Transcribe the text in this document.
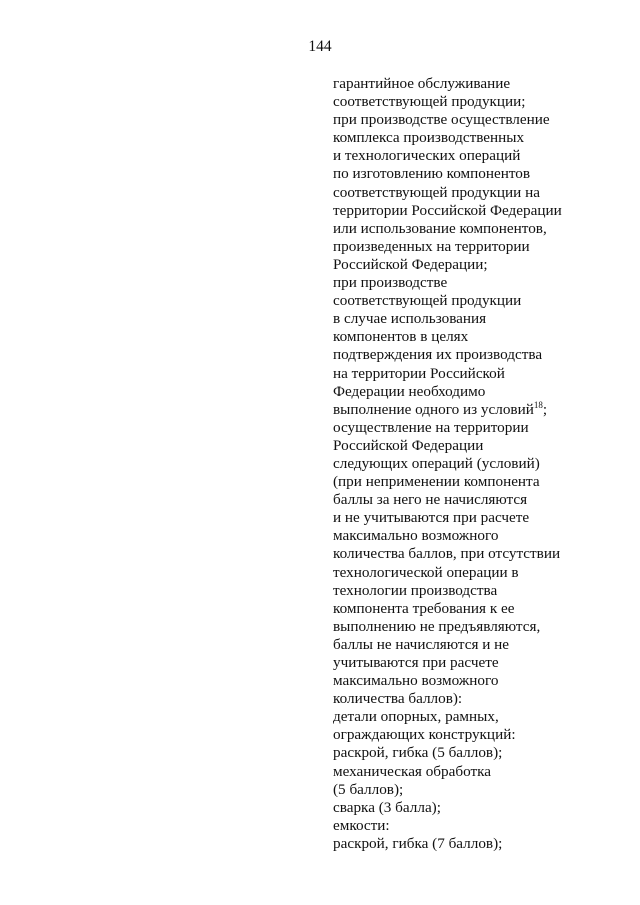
144
гарантийное обслуживание
соответствующей продукции;
при производстве осуществление
комплекса производственных
и технологических операций
по изготовлению компонентов
соответствующей продукции на
территории Российской Федерации
или использование компонентов,
произведенных на территории
Российской Федерации;
при производстве
соответствующей продукции
в случае использования
компонентов в целях
подтверждения их производства
на территории Российской
Федерации необходимо
выполнение одного из условий$^{18}$;
осуществление на территории
Российской Федерации
следующих операций (условий)
(при неприменении компонента
баллы за него не начисляются
и не учитываются при расчете
максимально возможного
количества баллов, при отсутствии
технологической операции в
технологии производства
компонента требования к ее
выполнению не предъявляются,
баллы не начисляются и не
учитываются при расчете
максимально возможного
количества баллов):
детали опорных, рамных,
ограждающих конструкций:
раскрой, гибка (5 баллов);
механическая обработка
(5 баллов);
сварка (3 балла);
емкости:
раскрой, гибка (7 баллов);
